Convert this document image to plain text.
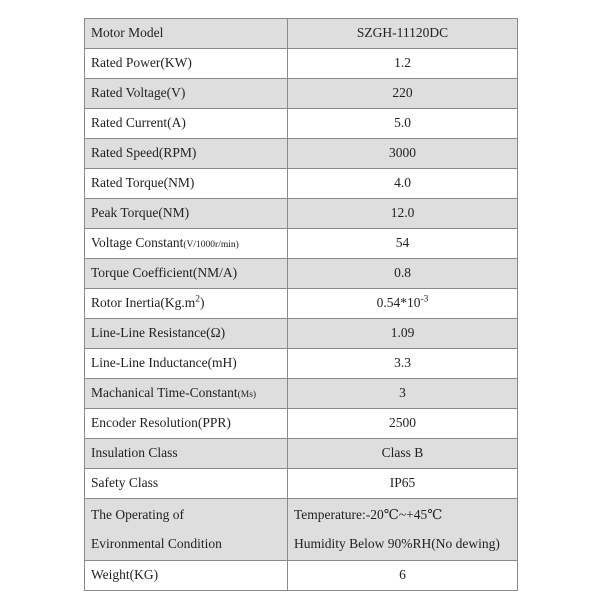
Motor Model	SZGH-11120DC
Rated Power(KW)	1.2
Rated Voltage(V)	220
Rated Current(A)	5.0
Rated Speed(RPM)	3000
Rated Torque(NM)	4.0
Peak Torque(NM)	12.0
Voltage Constant(V/1000r/min)	54
Torque Coefficient(NM/A)	0.8
Rotor $Inertia(Kg.m^2)$	$0.54*10^{-3}$
Line-Line Resistance(Ω)	1.09
Line-Line Inductance(mH)	3.3
Machanical Time-Constant(Ms)	3
Encoder Resolution(PPR)	2500
Insulation Class	Class B
Safety Class	IP65

The Operating of
Evironmental Condition	Temperature:-20℃~+45℃
Humidity Below 90%RH(No dewing)

Weight(KG)	6
